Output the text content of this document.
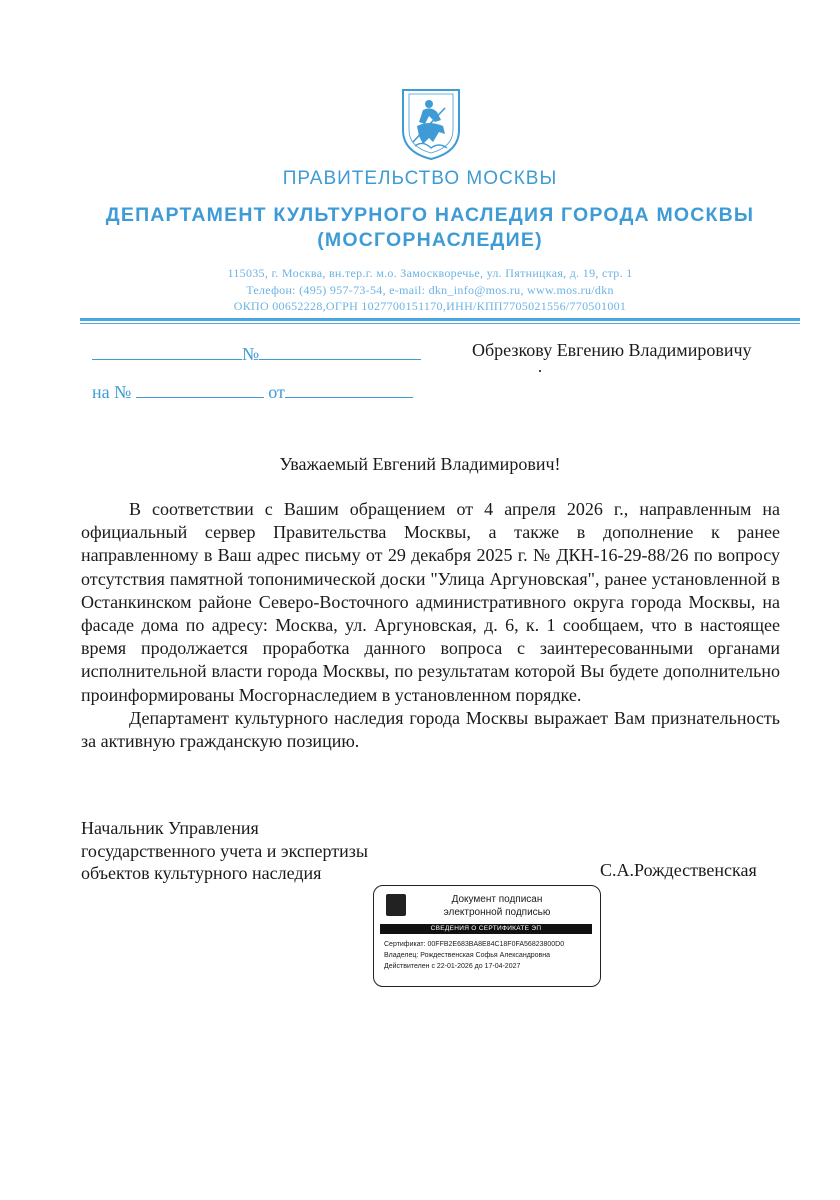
ПРАВИТЕЛЬСТВО МОСКВЫ
ДЕПАРТАМЕНТ КУЛЬТУРНОГО НАСЛЕДИЯ ГОРОДА МОСКВЫ
(МОСГОРНАСЛЕДИЕ)
115035, г. Москва, вн.тер.г. м.о. Замоскворечье, ул. Пятницкая, д. 19, стр. 1
Телефон: (495) 957-73-54, e-mail: dkn_info@mos.ru, www.mos.ru/dkn
ОКПО 00652228,ОГРН 1027700151170,ИНН/КПП7705021556/770501001
№
на №	от
Обрезкову Евгению Владимировичу
Уважаемый Евгений Владимирович!

В соответствии с Вашим обращением от 4 апреля 2026 г., направленным на официальный сервер Правительства Москвы, а также в дополнение к ранее направленному в Ваш адрес письму от 29 декабря 2025 г. № ДКН-16-29-88/26 по вопросу отсутствия памятной топонимической доски "Улица Аргуновская", ранее установленной в Останкинском районе Северо-Восточного административного округа города Москвы, на фасаде дома по адресу: Москва, ул. Аргуновская, д. 6, к. 1 сообщаем, что в настоящее время продолжается проработка данного вопроса с заинтересованными органами исполнительной власти города Москвы, по результатам которой Вы будете дополнительно проинформированы Мосгорнаследием в установленном порядке.

Департамент культурного наследия города Москвы выражает Вам признательность за активную гражданскую позицию.

Начальник Управления
государственного учета и экспертизы
объектов культурного наследия	С.А.Рождественская
Документ подписан
электронной подписью
СВЕДЕНИЯ О СЕРТИФИКАТЕ ЭП
Сертификат: 00FFB2E683BA8E84C18F0FA56823800D0
Владелец: Рождественская Софья Александровна
Действителен с 22-01-2026 до 17-04-2027
